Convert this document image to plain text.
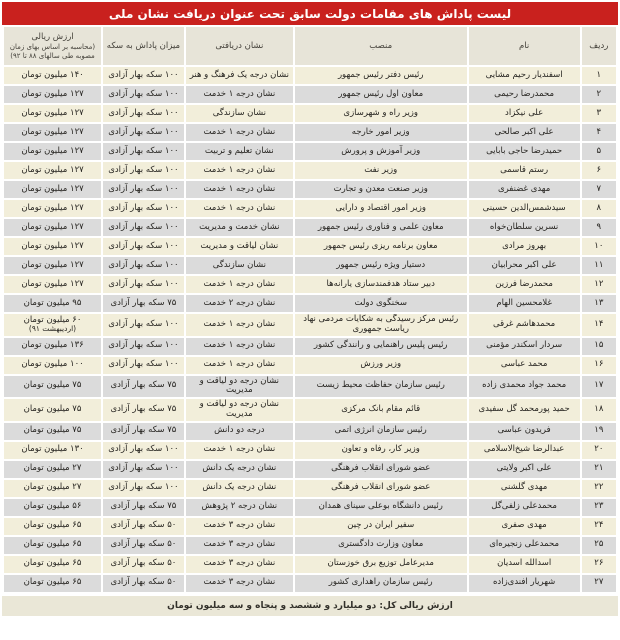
لیست پاداش های مقامات دولت سابق تحت عنوان دریافت نشان ملی
ردیف	نام	منصب	نشان دریافتی	میزان پاداش به سکه	ارزش ریالی
(محاسبه بر اساس بهای زمان مصوبه طی سالهای ۸۸ تا ۹۲)

۱	اسفندیار رحیم مشایی	رئیس دفتر رئیس جمهور	نشان درجه یک فرهنگ و هنر	۱۰۰ سکه بهار آزادی	۱۴۰ میلیون تومان
۲	محمدرضا رحیمی	معاون اول رئیس جمهور	نشان درجه ۱ خدمت	۱۰۰ سکه بهار آزادی	۱۲۷ میلیون تومان
۳	علی نیکزاد	وزیر راه و شهرسازی	نشان سازندگی	۱۰۰ سکه بهار آزادی	۱۲۷ میلیون تومان
۴	علی اکبر صالحی	وزیر امور خارجه	نشان درجه ۱ خدمت	۱۰۰ سکه بهار آزادی	۱۲۷ میلیون تومان
۵	حمیدرضا حاجی بابایی	وزیر آموزش و پرورش	نشان تعلیم و تربیت	۱۰۰ سکه بهار آزادی	۱۲۷ میلیون تومان
۶	رستم قاسمی	وزیر نفت	نشان درجه ۱ خدمت	۱۰۰ سکه بهار آزادی	۱۲۷ میلیون تومان
۷	مهدی غضنفری	وزیر صنعت معدن و تجارت	نشان درجه ۱ خدمت	۱۰۰ سکه بهار آزادی	۱۲۷ میلیون تومان
۸	سیدشمس‌الدین حسینی	وزیر امور اقتصاد و دارایی	نشان درجه ۱ خدمت	۱۰۰ سکه بهار آزادی	۱۲۷ میلیون تومان
۹	نسرین سلطان‌خواه	معاون علمی و فناوری رئیس جمهور	نشان خدمت و مدیریت	۱۰۰ سکه بهار آزادی	۱۲۷ میلیون تومان
۱۰	بهروز مرادی	معاون برنامه ریزی رئیس جمهور	نشان لیاقت و مدیریت	۱۰۰ سکه بهار آزادی	۱۲۷ میلیون تومان
۱۱	علی اکبر محرابیان	دستیار ویژه رئیس جمهور	نشان سازندگی	۱۰۰ سکه بهار آزادی	۱۲۷ میلیون تومان
۱۲	محمدرضا فرزین	دبیر ستاد هدفمندسازی یارانه‌ها	نشان درجه ۱ خدمت	۱۰۰ سکه بهار آزادی	۱۲۷ میلیون تومان
۱۳	غلامحسین الهام	سخنگوی دولت	نشان درجه ۲ خدمت	۷۵ سکه بهار آزادی	۹۵ میلیون تومان
۱۴	محمدهاشم غرقی	رئیس مرکز رسیدگی به شکایات مردمی نهاد ریاست جمهوری	نشان درجه ۱ خدمت	۱۰۰ سکه بهار آزادی	۶۰ میلیون تومان
(اردیبهشت ۹۱)

۱۵	سردار اسکندر مؤمنی	رئیس پلیس راهنمایی و رانندگی کشور	نشان درجه ۱ خدمت	۱۰۰ سکه بهار آزادی	۱۳۶ میلیون تومان
۱۶	محمد عباسی	وزیر ورزش	نشان درجه ۱ خدمت	۱۰۰ سکه بهار آزادی	۱۰۰ میلیون تومان
۱۷	محمد جواد محمدی زاده	رئیس سازمان حفاظت محیط زیست	نشان درجه دو لیاقت و مدیریت	۷۵ سکه بهار آزادی	۷۵ میلیون تومان
۱۸	حمید پورمحمد گل سفیدی	قائم مقام بانک مرکزی	نشان درجه دو لیاقت و مدیریت	۷۵ سکه بهار آزادی	۷۵ میلیون تومان
۱۹	فریدون عباسی	رئیس سازمان انرژی اتمی	درجه دو دانش	۷۵ سکه بهار آزادی	۷۵ میلیون تومان
۲۰	عبدالرضا شیخ‌الاسلامی	وزیر کار، رفاه و تعاون	نشان درجه ۱ خدمت	۱۰۰ سکه بهار آزادی	۱۳۰ میلیون تومان
۲۱	علی اکبر ولایتی	عضو شورای انقلاب فرهنگی	نشان درجه یک دانش	۱۰۰ سکه بهار آزادی	۲۷ میلیون تومان
۲۲	مهدی گلشنی	عضو شورای انقلاب فرهنگی	نشان درجه یک دانش	۱۰۰ سکه بهار آزادی	۲۷ میلیون تومان
۲۳	محمدعلی زلفی‌گل	رئیس دانشگاه بوعلی سینای همدان	نشان درجه ۲ پژوهش	۷۵ سکه بهار آزادی	۵۶ میلیون تومان
۲۴	مهدی صفری	سفیر ایران در چین	نشان درجه ۳ خدمت	۵۰ سکه بهار آزادی	۶۵ میلیون تومان
۲۵	محمدعلی زنجیره‌ای	معاون وزارت دادگستری	نشان درجه ۳ خدمت	۵۰ سکه بهار آزادی	۶۵ میلیون تومان
۲۶	اسدالله اسدیان	مدیرعامل توزیع برق خوزستان	نشان درجه ۳ خدمت	۵۰ سکه بهار آزادی	۶۵ میلیون تومان
۲۷	شهریار افندی‌زاده	رئیس سازمان راهداری کشور	نشان درجه ۳ خدمت	۵۰ سکه بهار آزادی	۶۵ میلیون تومان
ارزش ریالی کل: دو میلیارد و ششصد و پنجاه و سه میلیون تومان
